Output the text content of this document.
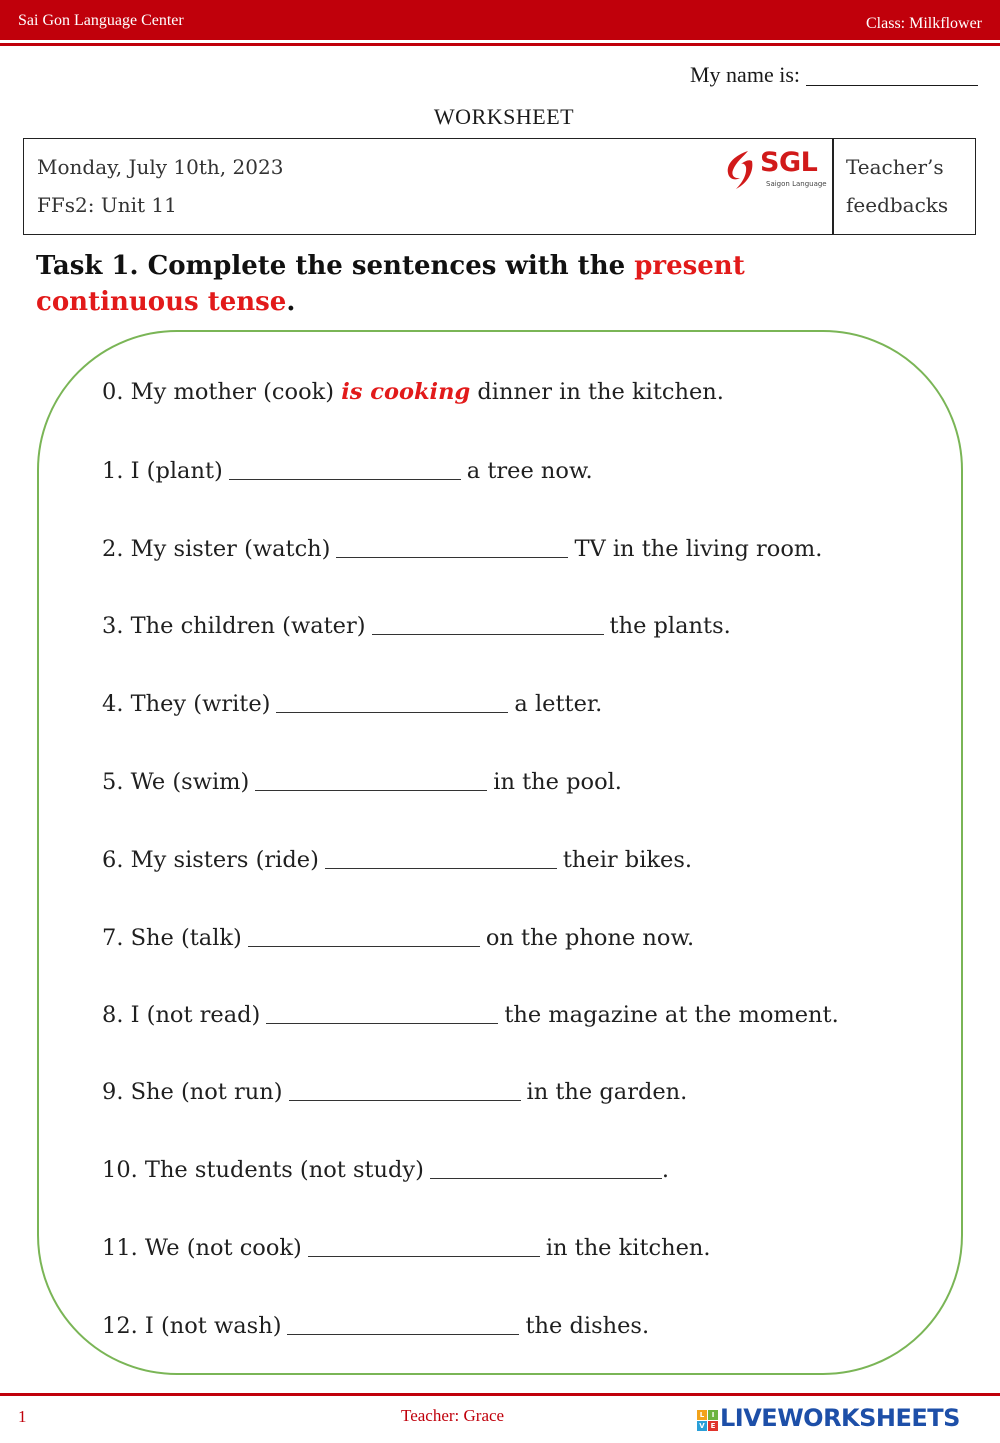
Sai Gon Language Center	Class: Milkflower
My name is:
WORKSHEET
Monday, July 10th, 2023
FFs2: Unit 11
SGL
Saigon Language
Teacher’s
feedbacks
Task 1. Complete the sentences with the present continuous tense.
0. My mother (cook) is cooking dinner in the kitchen.
1. I (plant)	a tree now.
2. My sister (watch)	TV in the living room.
3. The children (water)	the plants.
4. They (write)	a letter.
5. We (swim)	in the pool.
6. My sisters (ride)	their bikes.
7. She (talk)	on the phone now.
8. I (not read)	the magazine at the moment.
9. She (not run)	in the garden.
10. The students (not study)	.
11. We (not cook)	in the kitchen.
12. I (not wash)	the dishes.
1	Teacher: Grace	L	I
V E LIVEWORKSHEETS
